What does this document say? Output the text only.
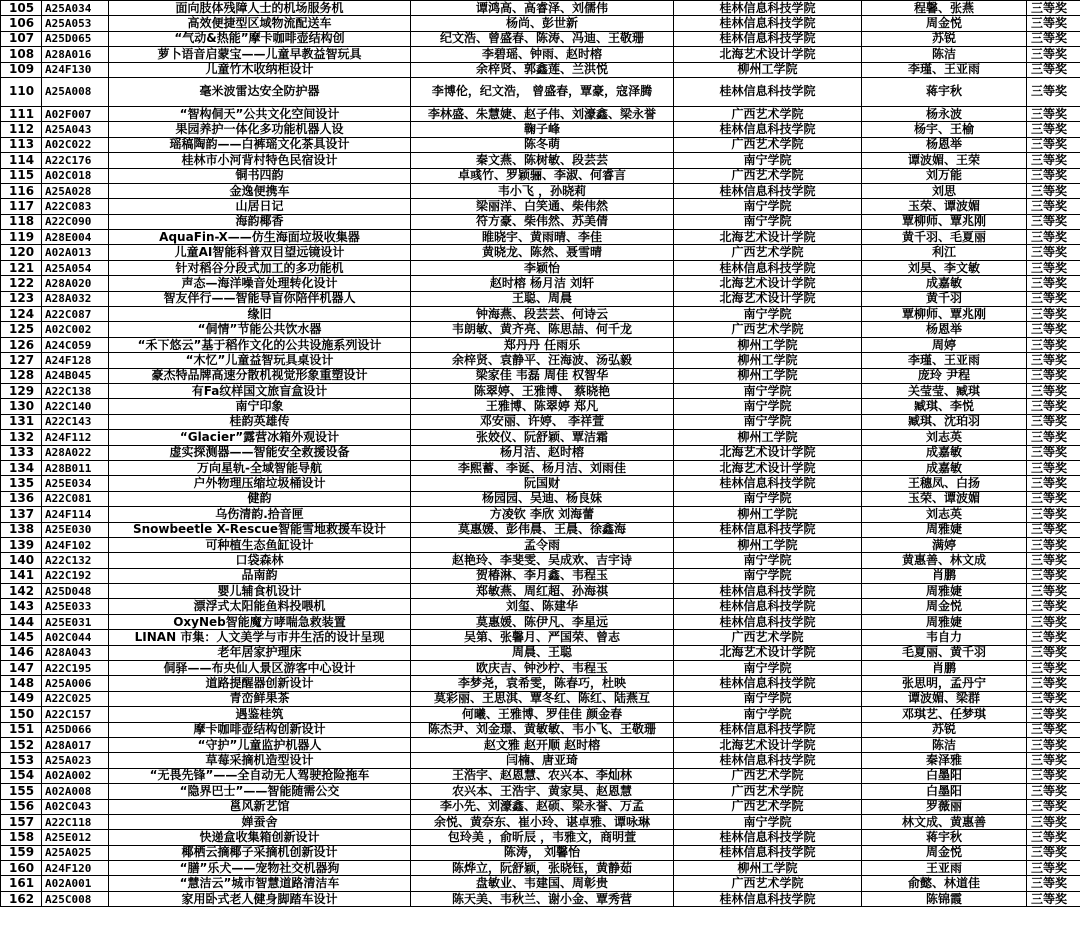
105	A25A034	面向肢体残障人士的机场服务机	谭鸿高、高睿泽、刘儒伟	桂林信息科技学院	程馨、张燕	三等奖
106	A25A053	高效便捷型区域物流配送车	杨尚、彭世新	桂林信息科技学院	周金悦	三等奖
107	A25D065	“气动&热能”摩卡咖啡壶结构创	纪文浩、曾盛春、陈涛、冯迪、王敬珊	桂林信息科技学院	苏锐	三等奖
108	A28A016	萝卜语音启蒙宝——儿童早教益智玩具	李碧瑶、钟雨、赵时榕	北海艺术设计学院	陈洁	三等奖
109	A24F130	儿童竹木收纳柜设计	余梓贤、郭鑫莲、兰洪悦	柳州工学院	李瑾、王亚雨	三等奖
110	A25A008	毫米波雷达安全防护器	李博伦，纪文浩， 曾盛春，覃豪，寇泽腾	桂林信息科技学院	蒋宇秋	三等奖
111	A02F007	“智构侗天”公共文化空间设计	李林盛、朱慧婕、赵子伟、刘濠鑫、梁永誉	广西艺术学院	杨永波	三等奖
112	A25A043	果园养护一体化多功能机器人设	鞠子峰	桂林信息科技学院	杨宇、王榆	三等奖
113	A02C022	瑶稿陶韵——白裤瑶文化茶具设计	陈冬萌	广西艺术学院	杨恩举	三等奖
114	A22C176	桂林市小河背村特色民宿设计	秦文燕、陈树敏、段芸芸	南宁学院	谭波媚、王荣	三等奖
115	A02C018	铜书四韵	卓彧竹、罗颖骊、李淑、何睿言	广西艺术学院	刘万能	三等奖
116	A25A028	金逸便携车	韦小飞 ，孙晓莉	桂林信息科技学院	刘思	三等奖
117	A22C083	山居日记	梁丽洋、白笑通、柴伟然	南宁学院	玉荣、谭波媚	三等奖
118	A22C090	海韵椰香	符方豪、柴伟然、苏美倩	南宁学院	覃柳师、覃兆刚	三等奖
119	A28E004	AquaFin-X——仿生海面垃圾收集器	睢晓宇、黄雨晴、李佳	北海艺术设计学院	黄千羽、毛夏丽	三等奖
120	A02A013	儿童AI智能科普双目望远镜设计	黄晓龙、陈然、聂雪晴	广西艺术学院	利江	三等奖
121	A25A054	针对稻谷分段式加工的多功能机	李颖怡	桂林信息科技学院	刘昊、李文敏	三等奖
122	A28A020	声态—海洋噪音处理转化设计	赵时榕 杨月洁 刘轩	北海艺术设计学院	成嘉敏	三等奖
123	A28A032	智友伴行——智能导盲你陪伴机器人	王聪、周晨	北海艺术设计学院	黄千羽	三等奖
124	A22C087	缘旧	钟海燕、段芸芸、何诗云	南宁学院	覃柳师、覃兆刚	三等奖
125	A02C002	“侗情”节能公共饮水器	韦朗敏、黄齐亮、陈思喆、何千龙	广西艺术学院	杨恩举	三等奖
126	A24C059	“禾下悠云”基于稻作文化的公共设施系列设计	郑丹丹 任雨乐	柳州工学院	周婷	三等奖
127	A24F128	“木忆”儿童益智玩具桌设计	余梓贤、袁静平、汪海波、汤弘毅	柳州工学院	李瑾、王亚雨	三等奖
128	A24B045	豪杰特品牌高速分散机视觉形象重塑设计	梁家佳 韦磊 周佳 权智华	柳州工学院	庞玲 尹程	三等奖
129	A22C138	有Fa纹样国文旅盲盒设计	陈翠婷、王雅博、 蔡晓艳	南宁学院	关莹莹、臧琪	三等奖
130	A22C140	南宁印象	王雅博、陈翠婷 郑凡	南宁学院	臧琪、李悦	三等奖
131	A22C143	桂韵英雄传	邓安丽、许婷、 李祥萱	南宁学院	臧琪、沈珀羽	三等奖
132	A24F112	“Glacier”露营冰箱外观设计	张姣仪、阮舒颖、覃洁霜	柳州工学院	刘志英	三等奖
133	A28A022	虚实探测器——智能安全救援设备	杨月洁、赵时榕	北海艺术设计学院	成嘉敏	三等奖
134	A28B011	万向星轨-全域智能导航	李熙蓄、李诞、杨月洁、刘雨佳	北海艺术设计学院	成嘉敏	三等奖
135	A25E034	户外物理压缩垃圾桶设计	阮国财	桂林信息科技学院	王穗凤、白扬	三等奖
136	A22C081	健韵	杨园园、吴迪、杨良妹	南宁学院	玉荣、谭波媚	三等奖
137	A24F114	乌伤清韵.拾音匣	方凌钦 李欣 刘海蕾	柳州工学院	刘志英	三等奖
138	A25E030	Snowbeetle X-Rescue智能雪地救援车设计	莫惠媛、彭伟晨、王晨、徐鑫海	桂林信息科技学院	周雅婕	三等奖
139	A24F102	可种植生态鱼缸设计	孟令雨	柳州工学院	满婷	三等奖
140	A22C132	口袋森林	赵艳玲、李斐雯、吴成欢、吉宇诗	南宁学院	黄惠善、林文成	三等奖
141	A22C192	品南韵	贺椿淋、李月鑫、韦程玉	南宁学院	肖鹏	三等奖
142	A25D048	婴儿辅食机设计	郑敏燕、周红超、孙海祺	桂林信息科技学院	周雅婕	三等奖
143	A25E033	漂浮式太阳能鱼料投喂机	刘玺、陈建华	桂林信息科技学院	周金悦	三等奖
144	A25E031	OxyNeb智能魔方哮喘急救装置	莫惠媛、陈伊凡、李星远	桂林信息科技学院	周雅婕	三等奖
145	A02C044	LINAN 市集：人文美学与市井生活的设计呈现	吴第、张馨月、严国荣、曾志	广西艺术学院	韦自力	三等奖
146	A28A043	老年居家护理床	周晨、王聪	北海艺术设计学院	毛夏丽、黄千羽	三等奖
147	A22C195	侗驿——布央仙人景区游客中心设计	欧庆吉、钟沙柠、韦程玉	南宁学院	肖鹏	三等奖
148	A25A006	道路提醒器创新设计	李梦尧，袁希雯，陈春巧，杜映	桂林信息科技学院	张思明，孟丹宁	三等奖
149	A22C025	青峦鲜果茶	莫彩丽、王思淇、覃冬红、陈红、陆燕互	南宁学院	谭波媚、梁群	三等奖
150	A22C157	遇鉴桂筑	何曦、王雅博、罗佳佳 颜金春	南宁学院	邓琪艺、任梦琪	三等奖
151	A25D066	摩卡咖啡壶结构创新设计	陈杰尹、刘金璟、黄敏敏、韦小飞、王敬珊	桂林信息科技学院	苏锐	三等奖
152	A28A017	“守护”儿童监护机器人	赵文雅 赵开顺 赵时榕	北海艺术设计学院	陈洁	三等奖
153	A25A023	草莓采摘机造型设计	闫楠、唐亚琦	桂林信息科技学院	秦泽雅	三等奖
154	A02A002	“无畏先锋”——全自动无人驾驶抢险拖车	王浩宇、赵恩慧、农兴本、李灿林	广西艺术学院	白墨阳	三等奖
155	A02A008	“隐界巴士”——智能随需公交	农兴本、王浩宇、黄家昊、赵恩慧	广西艺术学院	白墨阳	三等奖
156	A02C043	邕风新艺馆	李小先、刘濠鑫、赵硕、梁永誉、万孟	广西艺术学院	罗薇丽	三等奖
157	A22C118	婵蚕舍	余悦、黄奈东、崔小玲、谌卓雅、谭咏琳	南宁学院	林文成、黄惠善	三等奖
158	A25E012	快递盒收集箱创新设计	包玲美 ，俞昕辰 ，韦雅文，商明萱	桂林信息科技学院	蒋宇秋	三等奖
159	A25A025	椰栖云摘椰子采摘机创新设计	陈涛， 刘馨怡	桂林信息科技学院	周金悦	三等奖
160	A24F120	“膳”乐犬——宠物社交机器狗	陈烨立，阮舒颖，张晓钰，黄静茹	柳州工学院	王亚雨	三等奖
161	A02A001	“慧洁云”城市智慧道路清洁车	盘敏业、韦建国、周彰贵	广西艺术学院	俞懿、林道佳	三等奖
162	A25C008	家用卧式老人健身脚踏车设计	陈天美、韦秋兰、谢小金、覃秀营	桂林信息科技学院	陈锦霞	三等奖
